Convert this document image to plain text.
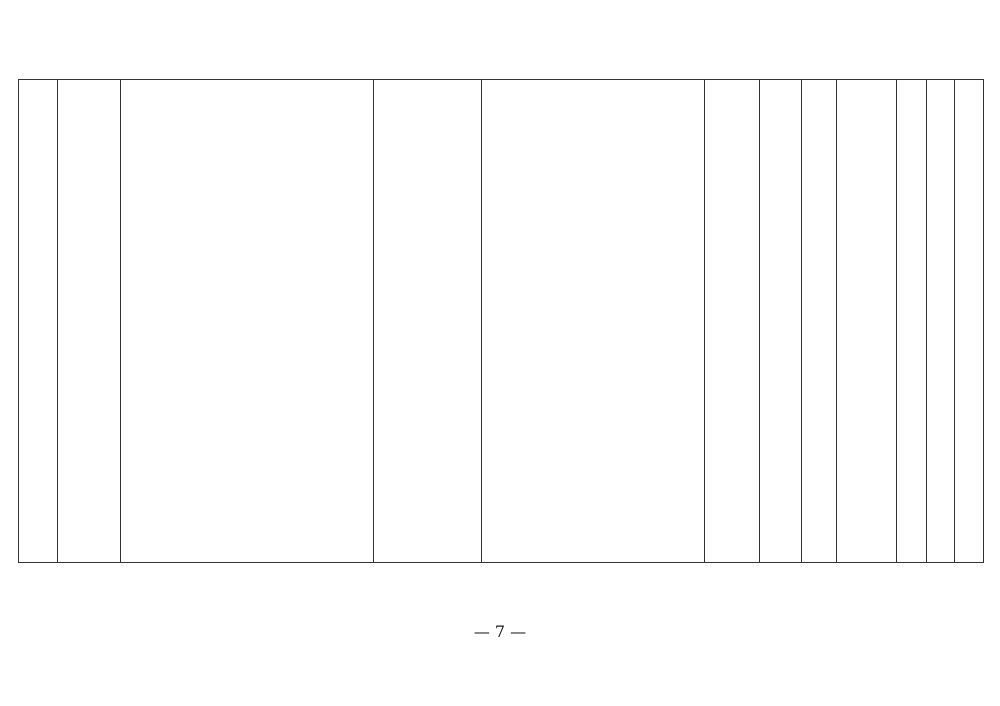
— 7 —
